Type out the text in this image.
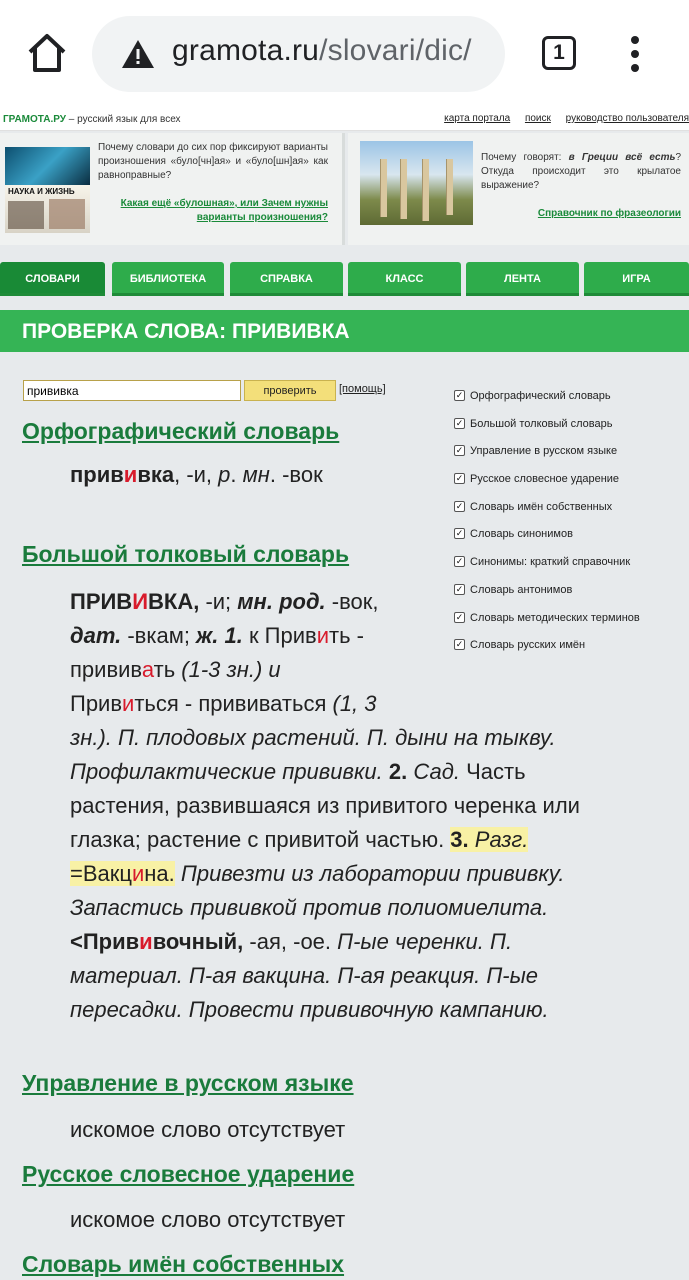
gramota.ru/slovari/dic/	1
ГРАМОТА.РУ – русский язык для всех	карта портала поиск руководство пользователя
НАУКА И ЖИЗНЬ
Почему словари до сих пор фиксируют варианты произношения «було[чн]ая» и «було[шн]ая» как равноправные?
Какая ещё «булошная», или Зачем нужны варианты произношения?
Почему говорят: в Греции всё есть? Откуда происходит это крылатое выражение?
Справочник по фразеологии
СЛОВАРИ	БИБЛИОТЕКА	СПРАВКА	КЛАСС	ЛЕНТА	ИГРА
ПРОВЕРКА СЛОВА: ПРИВИВКА
прививка
проверить	[помощь]	✓ Орфографический словарь
✓ Большой толковый словарь
✓ Управление в русском языке
✓ Русское словесное ударение
✓ Словарь имён собственных
✓ Словарь синонимов
✓ Синонимы: краткий справочник
✓ Словарь антонимов
✓ Словарь методических терминов
✓ Словарь русских имён
Орфографический словарь
прививка, -и, р. мн. -вок
Большой толковый словарь
ПРИВИВКА, -и; мн. род. -вок,
дат. -вкам; ж. 1. к Привить -
прививать (1-3 зн.) и
Привиться - прививаться (1, 3
зн.). П. плодовых растений. П. дыни на тыкву.
Профилактические прививки. 2. Сад. Часть
растения, развившаяся из привитого черенка или
глазка; растение с привитой частью. 3. Разг.
=Вакцина. Привезти из лаборатории прививку.
Запастись прививкой против полиомиелита.
<Прививочный, -ая, -ое. П-ые черенки. П.
материал. П-ая вакцина. П-ая реакция. П-ые
пересадки. Провести прививочную кампанию.
Управление в русском языке
искомое слово отсутствует
Русское словесное ударение
искомое слово отсутствует
Словарь имён собственных
